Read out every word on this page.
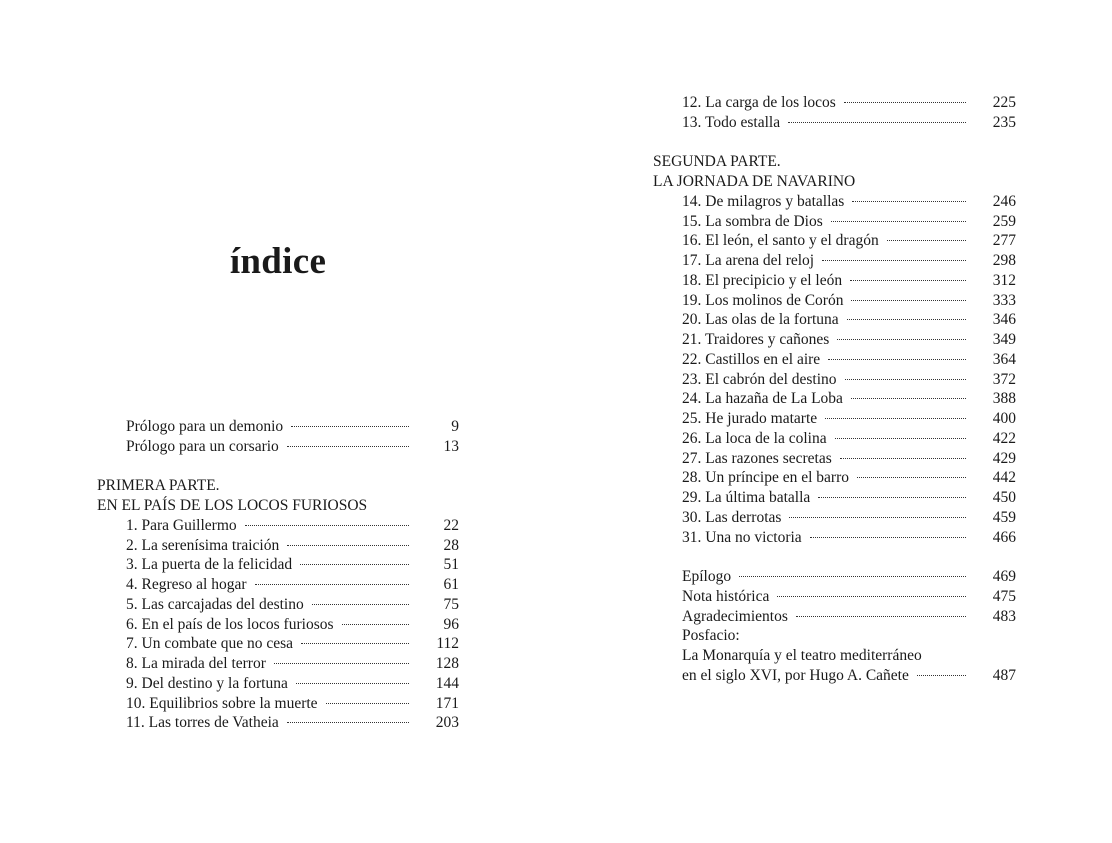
índice
Prólogo para un demonio	9
Prólogo para un corsario	13
PRIMERA PARTE.
EN EL PAÍS DE LOS LOCOS FURIOSOS
1. Para Guillermo	22
2. La serenísima traición	28
3. La puerta de la felicidad	51
4. Regreso al hogar	61
5. Las carcajadas del destino	75
6. En el país de los locos furiosos	96
7. Un combate que no cesa	112
8. La mirada del terror	128
9. Del destino y la fortuna	144
10. Equilibrios sobre la muerte	171
11. Las torres de Vatheia	203
12. La carga de los locos	225
13. Todo estalla	235
SEGUNDA PARTE.
LA JORNADA DE NAVARINO
14. De milagros y batallas	246
15. La sombra de Dios	259
16. El león, el santo y el dragón	277
17. La arena del reloj	298
18. El precipicio y el león	312
19. Los molinos de Corón	333
20. Las olas de la fortuna	346
21. Traidores y cañones	349
22. Castillos en el aire	364
23. El cabrón del destino	372
24. La hazaña de La Loba	388
25. He jurado matarte	400
26. La loca de la colina	422
27. Las razones secretas	429
28. Un príncipe en el barro	442
29. La última batalla	450
30. Las derrotas	459
31. Una no victoria	466
Epílogo	469
Nota histórica	475
Agradecimientos	483
Posfacio:
La Monarquía y el teatro mediterráneo
en el siglo XVI, por Hugo A. Cañete	487
